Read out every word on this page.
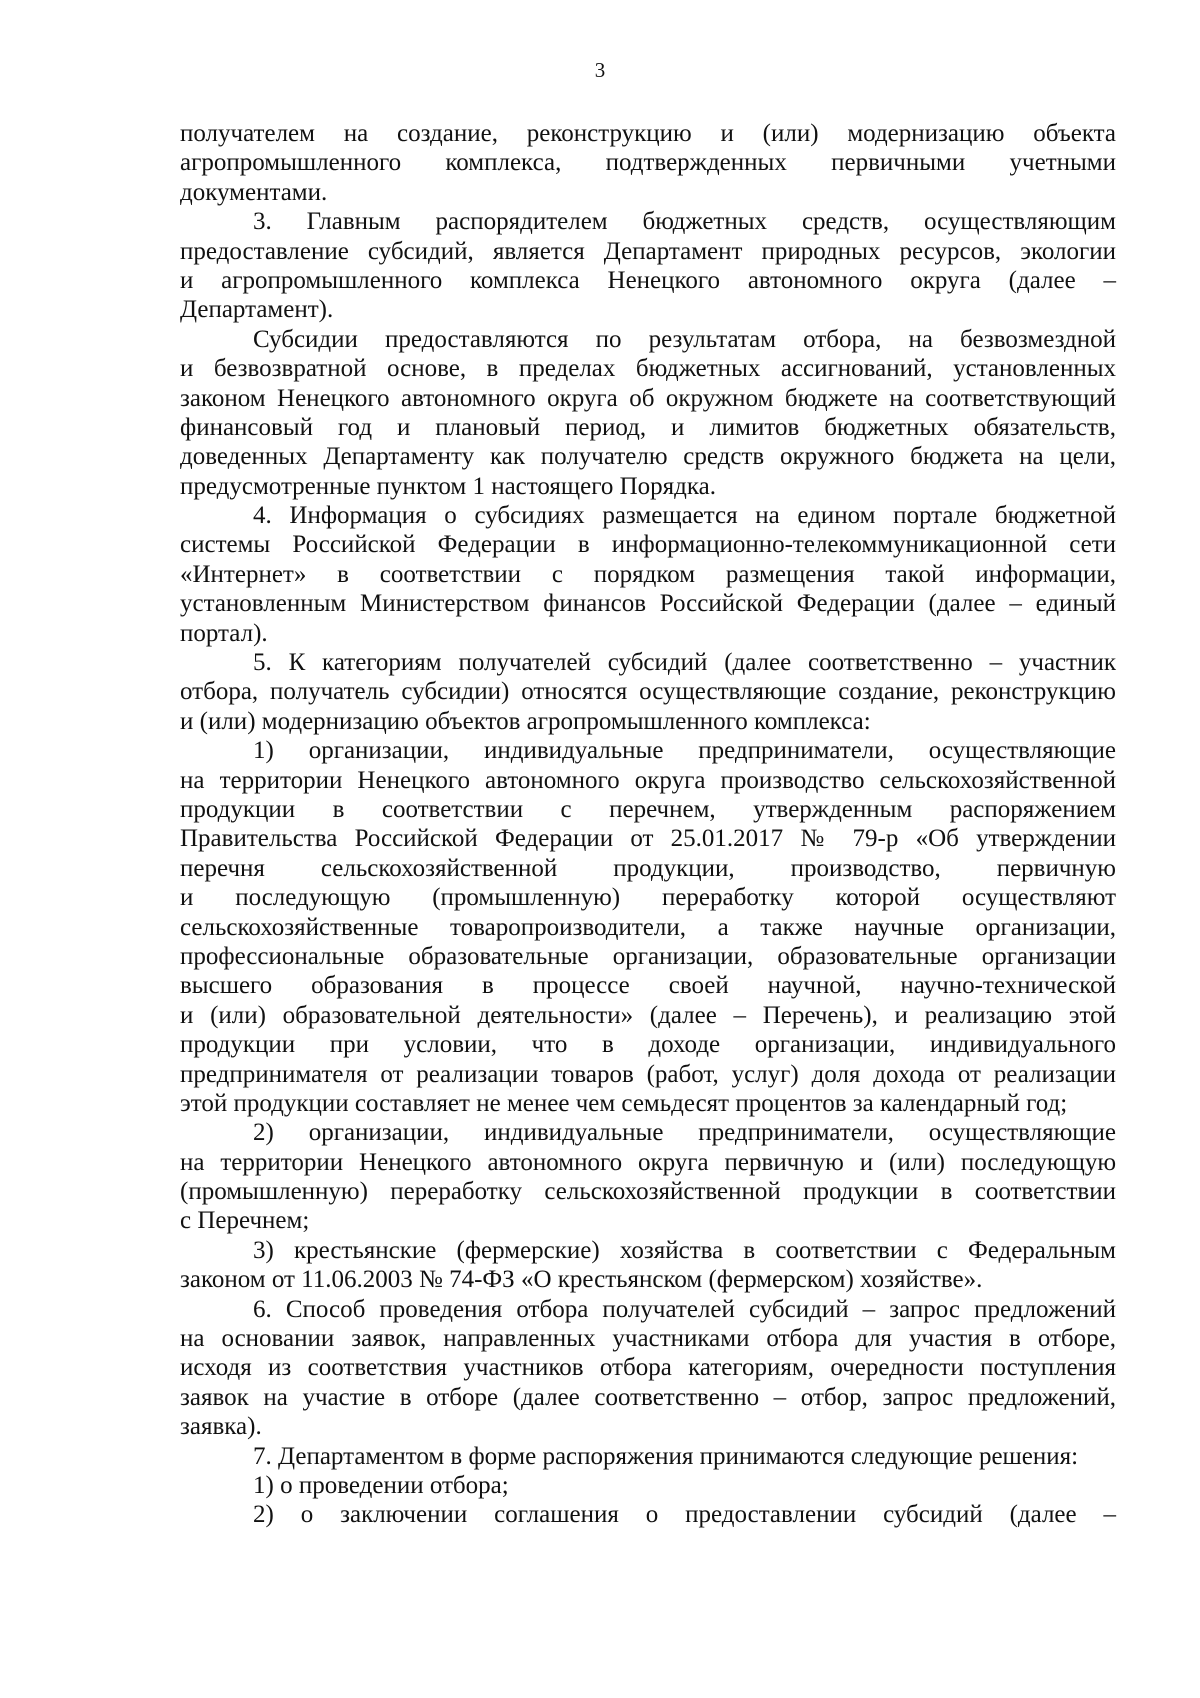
3
получателем на создание, реконструкцию и (или) модернизацию объекта
агропромышленного комплекса, подтвержденных первичными учетными
документами.
3. Главным распорядителем бюджетных средств, осуществляющим
предоставление субсидий, является Департамент природных ресурсов, экологии
и агропромышленного комплекса Ненецкого автономного округа (далее –
Департамент).
Субсидии предоставляются по результатам отбора, на безвозмездной
и безвозвратной основе, в пределах бюджетных ассигнований, установленных
законом Ненецкого автономного округа об окружном бюджете на соответствующий
финансовый год и плановый период, и лимитов бюджетных обязательств,
доведенных Департаменту как получателю средств окружного бюджета на цели,
предусмотренные пунктом 1 настоящего Порядка.
4. Информация о субсидиях размещается на едином портале бюджетной
системы Российской Федерации в информационно-телекоммуникационной сети
«Интернет» в соответствии с порядком размещения такой информации,
установленным Министерством финансов Российской Федерации (далее – единый
портал).
5. К категориям получателей субсидий (далее соответственно – участник
отбора, получатель субсидии) относятся осуществляющие создание, реконструкцию
и (или) модернизацию объектов агропромышленного комплекса:
1) организации, индивидуальные предприниматели, осуществляющие
на территории Ненецкого автономного округа производство сельскохозяйственной
продукции в соответствии с перечнем, утвержденным распоряжением
Правительства Российской Федерации от 25.01.2017 № 79-р «Об утверждении
перечня сельскохозяйственной продукции, производство, первичную
и последующую (промышленную) переработку которой осуществляют
сельскохозяйственные товаропроизводители, а также научные организации,
профессиональные образовательные организации, образовательные организации
высшего образования в процессе своей научной, научно-технической
и (или) образовательной деятельности» (далее – Перечень), и реализацию этой
продукции при условии, что в доходе организации, индивидуального
предпринимателя от реализации товаров (работ, услуг) доля дохода от реализации
этой продукции составляет не менее чем семьдесят процентов за календарный год;
2) организации, индивидуальные предприниматели, осуществляющие
на территории Ненецкого автономного округа первичную и (или) последующую
(промышленную) переработку сельскохозяйственной продукции в соответствии
с Перечнем;
3) крестьянские (фермерские) хозяйства в соответствии с Федеральным
законом от 11.06.2003 № 74-ФЗ «О крестьянском (фермерском) хозяйстве».
6. Способ проведения отбора получателей субсидий – запрос предложений
на основании заявок, направленных участниками отбора для участия в отборе,
исходя из соответствия участников отбора категориям, очередности поступления
заявок на участие в отборе (далее соответственно – отбор, запрос предложений,
заявка).
7. Департаментом в форме распоряжения принимаются следующие решения:
1) о проведении отбора;
2) о заключении соглашения о предоставлении субсидий (далее –
